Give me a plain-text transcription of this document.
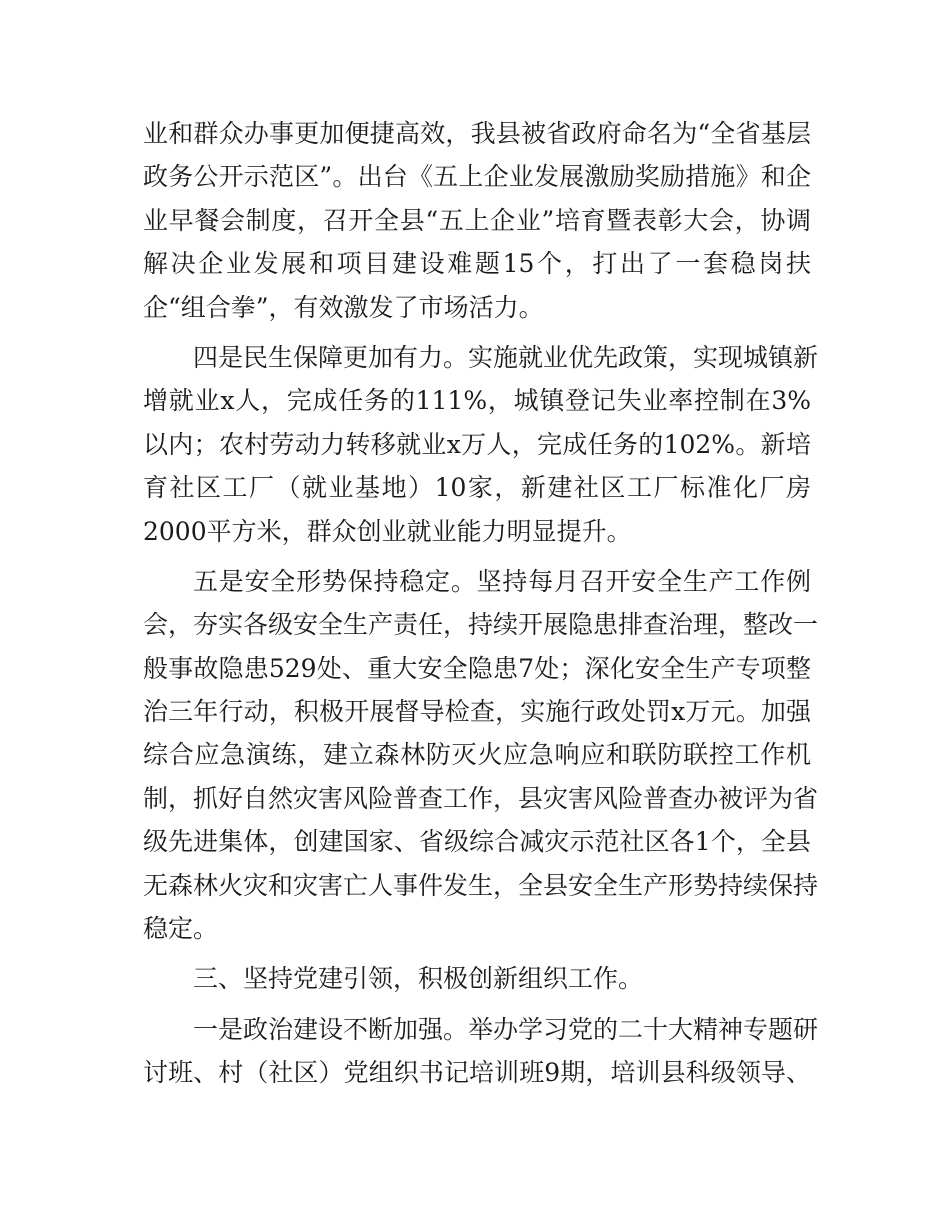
业和群众办事更加便捷高效，我县被省政府命名为“全省基层
政务公开示范区”。出台《五上企业发展激励奖励措施》和企
业早餐会制度，召开全县“五上企业”培育暨表彰大会，协调
解决企业发展和项目建设难题15个，打出了一套稳岗扶
企“组合拳”，有效激发了市场活力。
四是民生保障更加有力。实施就业优先政策，实现城镇新
增就业x人，完成任务的111%，城镇登记失业率控制在3%
以内；农村劳动力转移就业x万人，完成任务的102%。新培
育社区工厂（就业基地）10家，新建社区工厂标准化厂房
2000平方米，群众创业就业能力明显提升。
五是安全形势保持稳定。坚持每月召开安全生产工作例
会，夯实各级安全生产责任，持续开展隐患排查治理，整改一
般事故隐患529处、重大安全隐患7处；深化安全生产专项整
治三年行动，积极开展督导检查，实施行政处罚x万元。加强
综合应急演练，建立森林防灭火应急响应和联防联控工作机
制，抓好自然灾害风险普查工作，县灾害风险普查办被评为省
级先进集体，创建国家、省级综合减灾示范社区各1个，全县
无森林火灾和灾害亡人事件发生，全县安全生产形势持续保持
稳定。
三、坚持党建引领，积极创新组织工作。
一是政治建设不断加强。举办学习党的二十大精神专题研
讨班、村（社区）党组织书记培训班9期，培训县科级领导、
